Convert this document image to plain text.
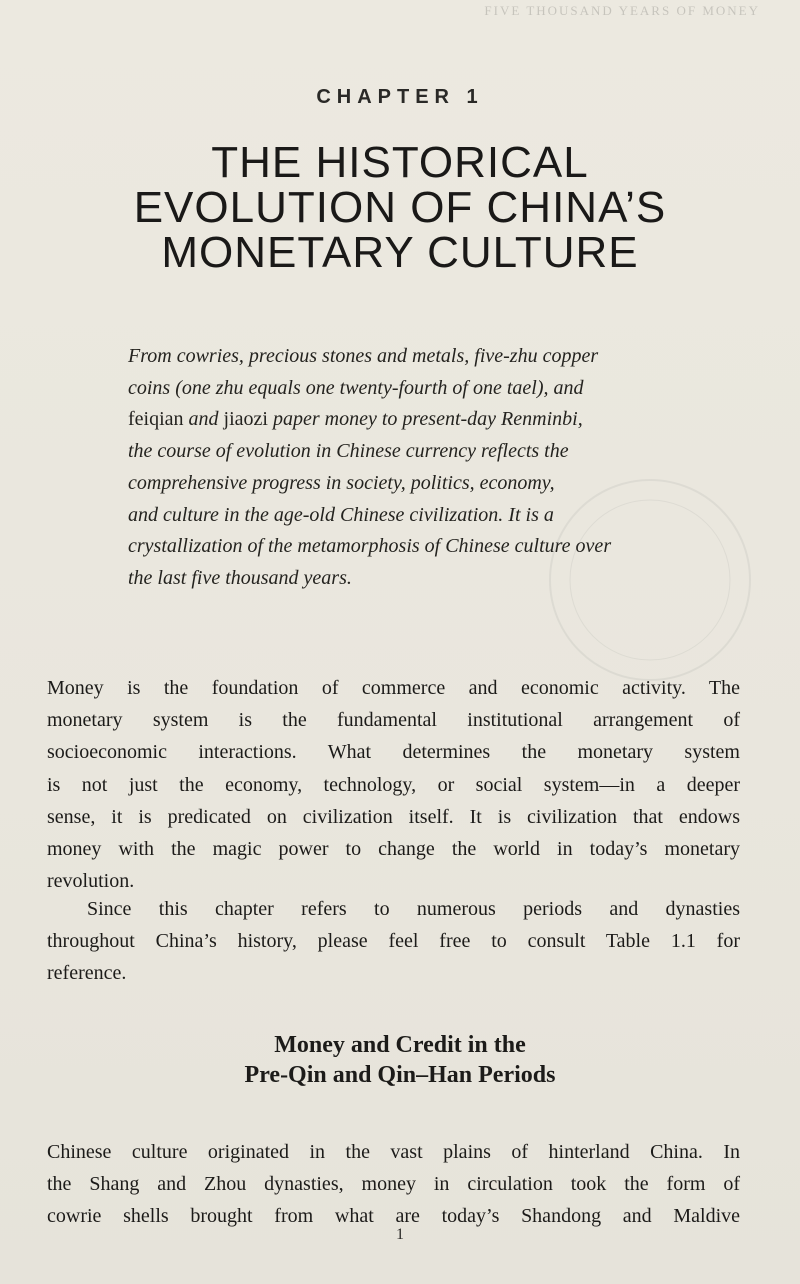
FIVE THOUSAND YEARS OF MONEY
CHAPTER 1
THE HISTORICAL
EVOLUTION OF CHINA’S
MONETARY CULTURE
From cowries, precious stones and metals, five-zhu copper
coins (one zhu equals one twenty-fourth of one tael), and
feiqian and jiaozi paper money to present-day Renminbi,
the course of evolution in Chinese currency reflects the
comprehensive progress in society, politics, economy,
and culture in the age-old Chinese civilization. It is a
crystallization of the metamorphosis of Chinese culture over
the last five thousand years.
Money is the foundation of commerce and economic activity. The
monetary system is the fundamental institutional arrangement of
socioeconomic interactions. What determines the monetary system
is not just the economy, technology, or social system—in a deeper
sense, it is predicated on civilization itself. It is civilization that endows
money with the magic power to change the world in today’s monetary
revolution.
Since this chapter refers to numerous periods and dynasties
throughout China’s history, please feel free to consult Table 1.1 for
reference.
Money and Credit in the
Pre-Qin and Qin–Han Periods
Chinese culture originated in the vast plains of hinterland China. In
the Shang and Zhou dynasties, money in circulation took the form of
cowrie shells brought from what are today’s Shandong and Maldive
1
